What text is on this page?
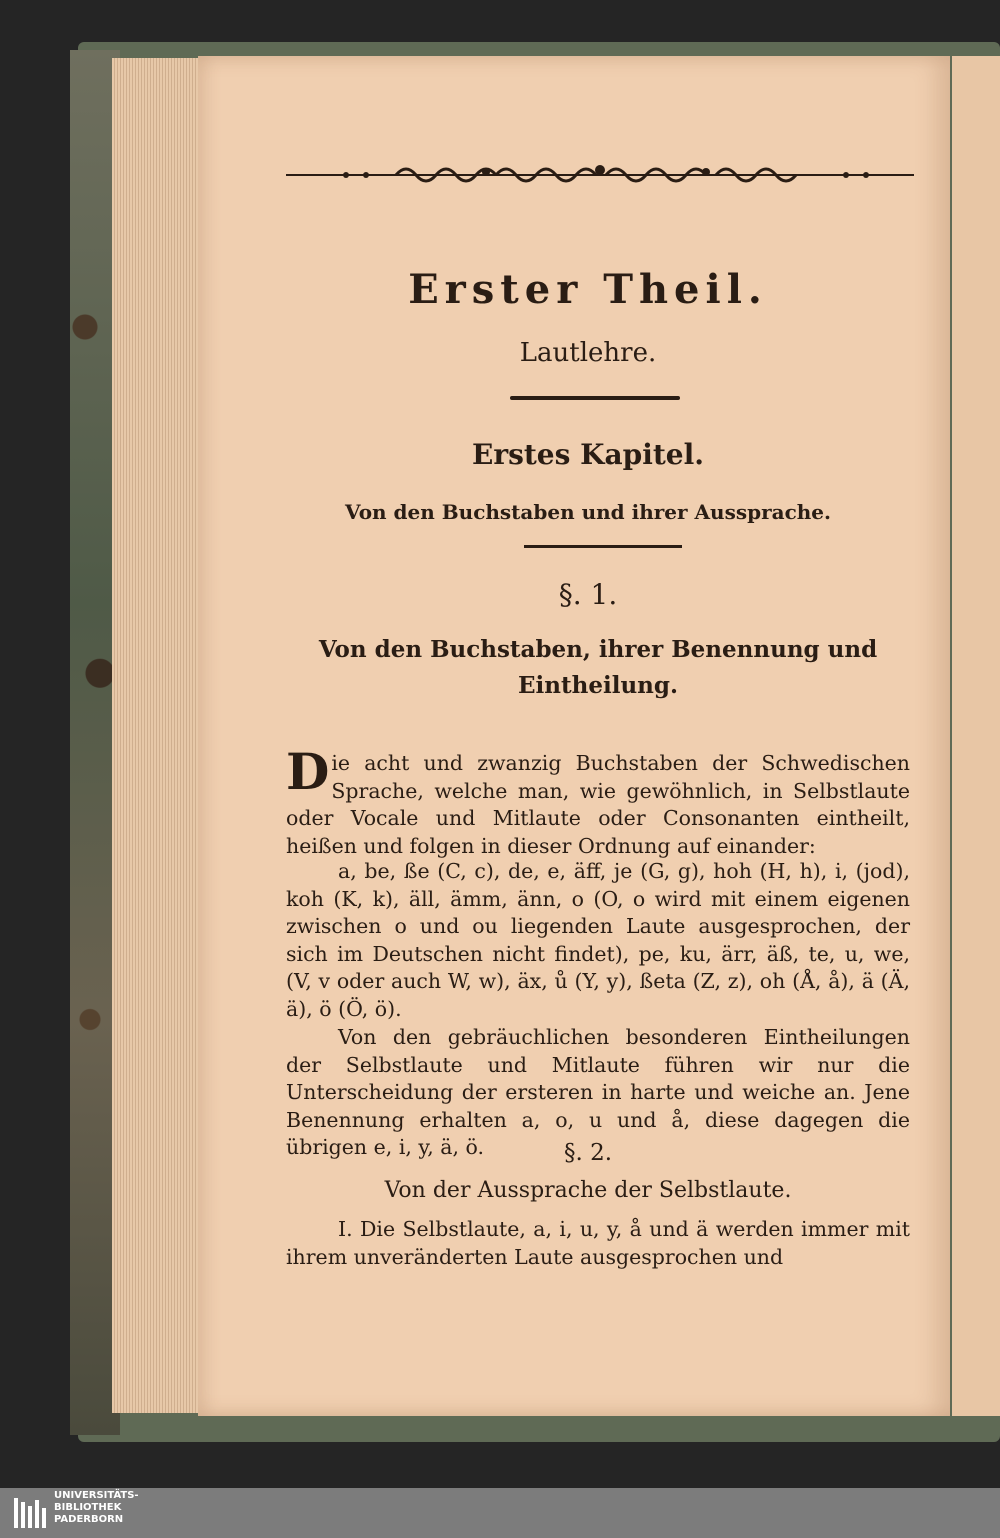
Erster Theil.
Lautlehre.
Erstes Kapitel.
Von den Buchstaben und ihrer Aussprache.
§. 1.
Von den Buchstaben, ihrer Benennung und Eintheilung.
Die acht und zwanzig Buchstaben der Schwedischen Sprache, welche man, wie gewöhnlich, in Selbstlaute oder Vocale und Mitlaute oder Consonanten eintheilt, heißen und folgen in dieser Ordnung auf einander:
a, be, ße (C, c), de, e, äff, je (G, g), hoh (H, h), i, (jod), koh (K, k), äll, ämm, änn, o (O, o wird mit einem eigenen zwischen o und ou liegenden Laute ausgesprochen, der sich im Deutschen nicht findet), pe, ku, ärr, äß, te, u, we, (V, v oder auch W, w), äx, ů (Y, y), ßeta (Z, z), oh (Å, å), ä (Ä, ä), ö (Ö, ö).
Von den gebräuchlichen besonderen Eintheilungen der Selbstlaute und Mitlaute führen wir nur die Unterscheidung der ersteren in harte und weiche an. Jene Benennung erhalten a, o, u und å, diese dagegen die übrigen e, i, y, ä, ö.	§. 2.
Von der Aussprache der Selbstlaute.
I. Die Selbstlaute, a, i, u, y, å und ä werden immer mit ihrem unveränderten Laute ausgesprochen und
UNIVERSITÄTS-
BIBLIOTHEK
PADERBORN
